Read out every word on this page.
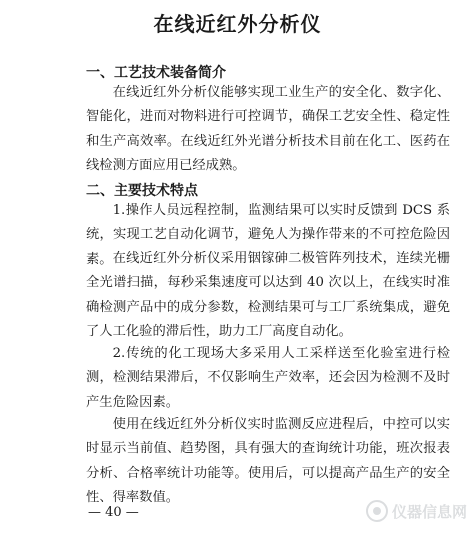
在线近红外分析仪
一、工艺技术装备简介

在线近红外分析仪能够实现工业生产的安全化、数字化、智能化，进而对物料进行可控调节，确保工艺安全性、稳定性和生产高效率。在线近红外光谱分析技术目前在化工、医药在线检测方面应用已经成熟。

二、主要技术特点

1.操作人员远程控制，监测结果可以实时反馈到 DCS 系统，实现工艺自动化调节，避免人为操作带来的不可控危险因素。 在线近红外分析仪采用铟镓砷二极管阵列技术，连续光栅全光谱扫描，每秒采集速度可以达到 40 次以上，在线实时准确检测产品中的成分参数，检测结果可与工厂系统集成，避免了人工化验的滞后性，助力工厂高度自动化。

2.传统的化工现场大多采用人工采样送至化验室进行检测，检测结果滞后，不仅影响生产效率，还会因为检测不及时产生危险因素。

使用在线近红外分析仪实时监测反应进程后，中控可以实时显示当前值、趋势图，具有强大的查询统计功能，班次报表分析、合格率统计功能等。使用后，可以提高产品生产的安全性、得率数值。

— 40 —	仪器信息网
